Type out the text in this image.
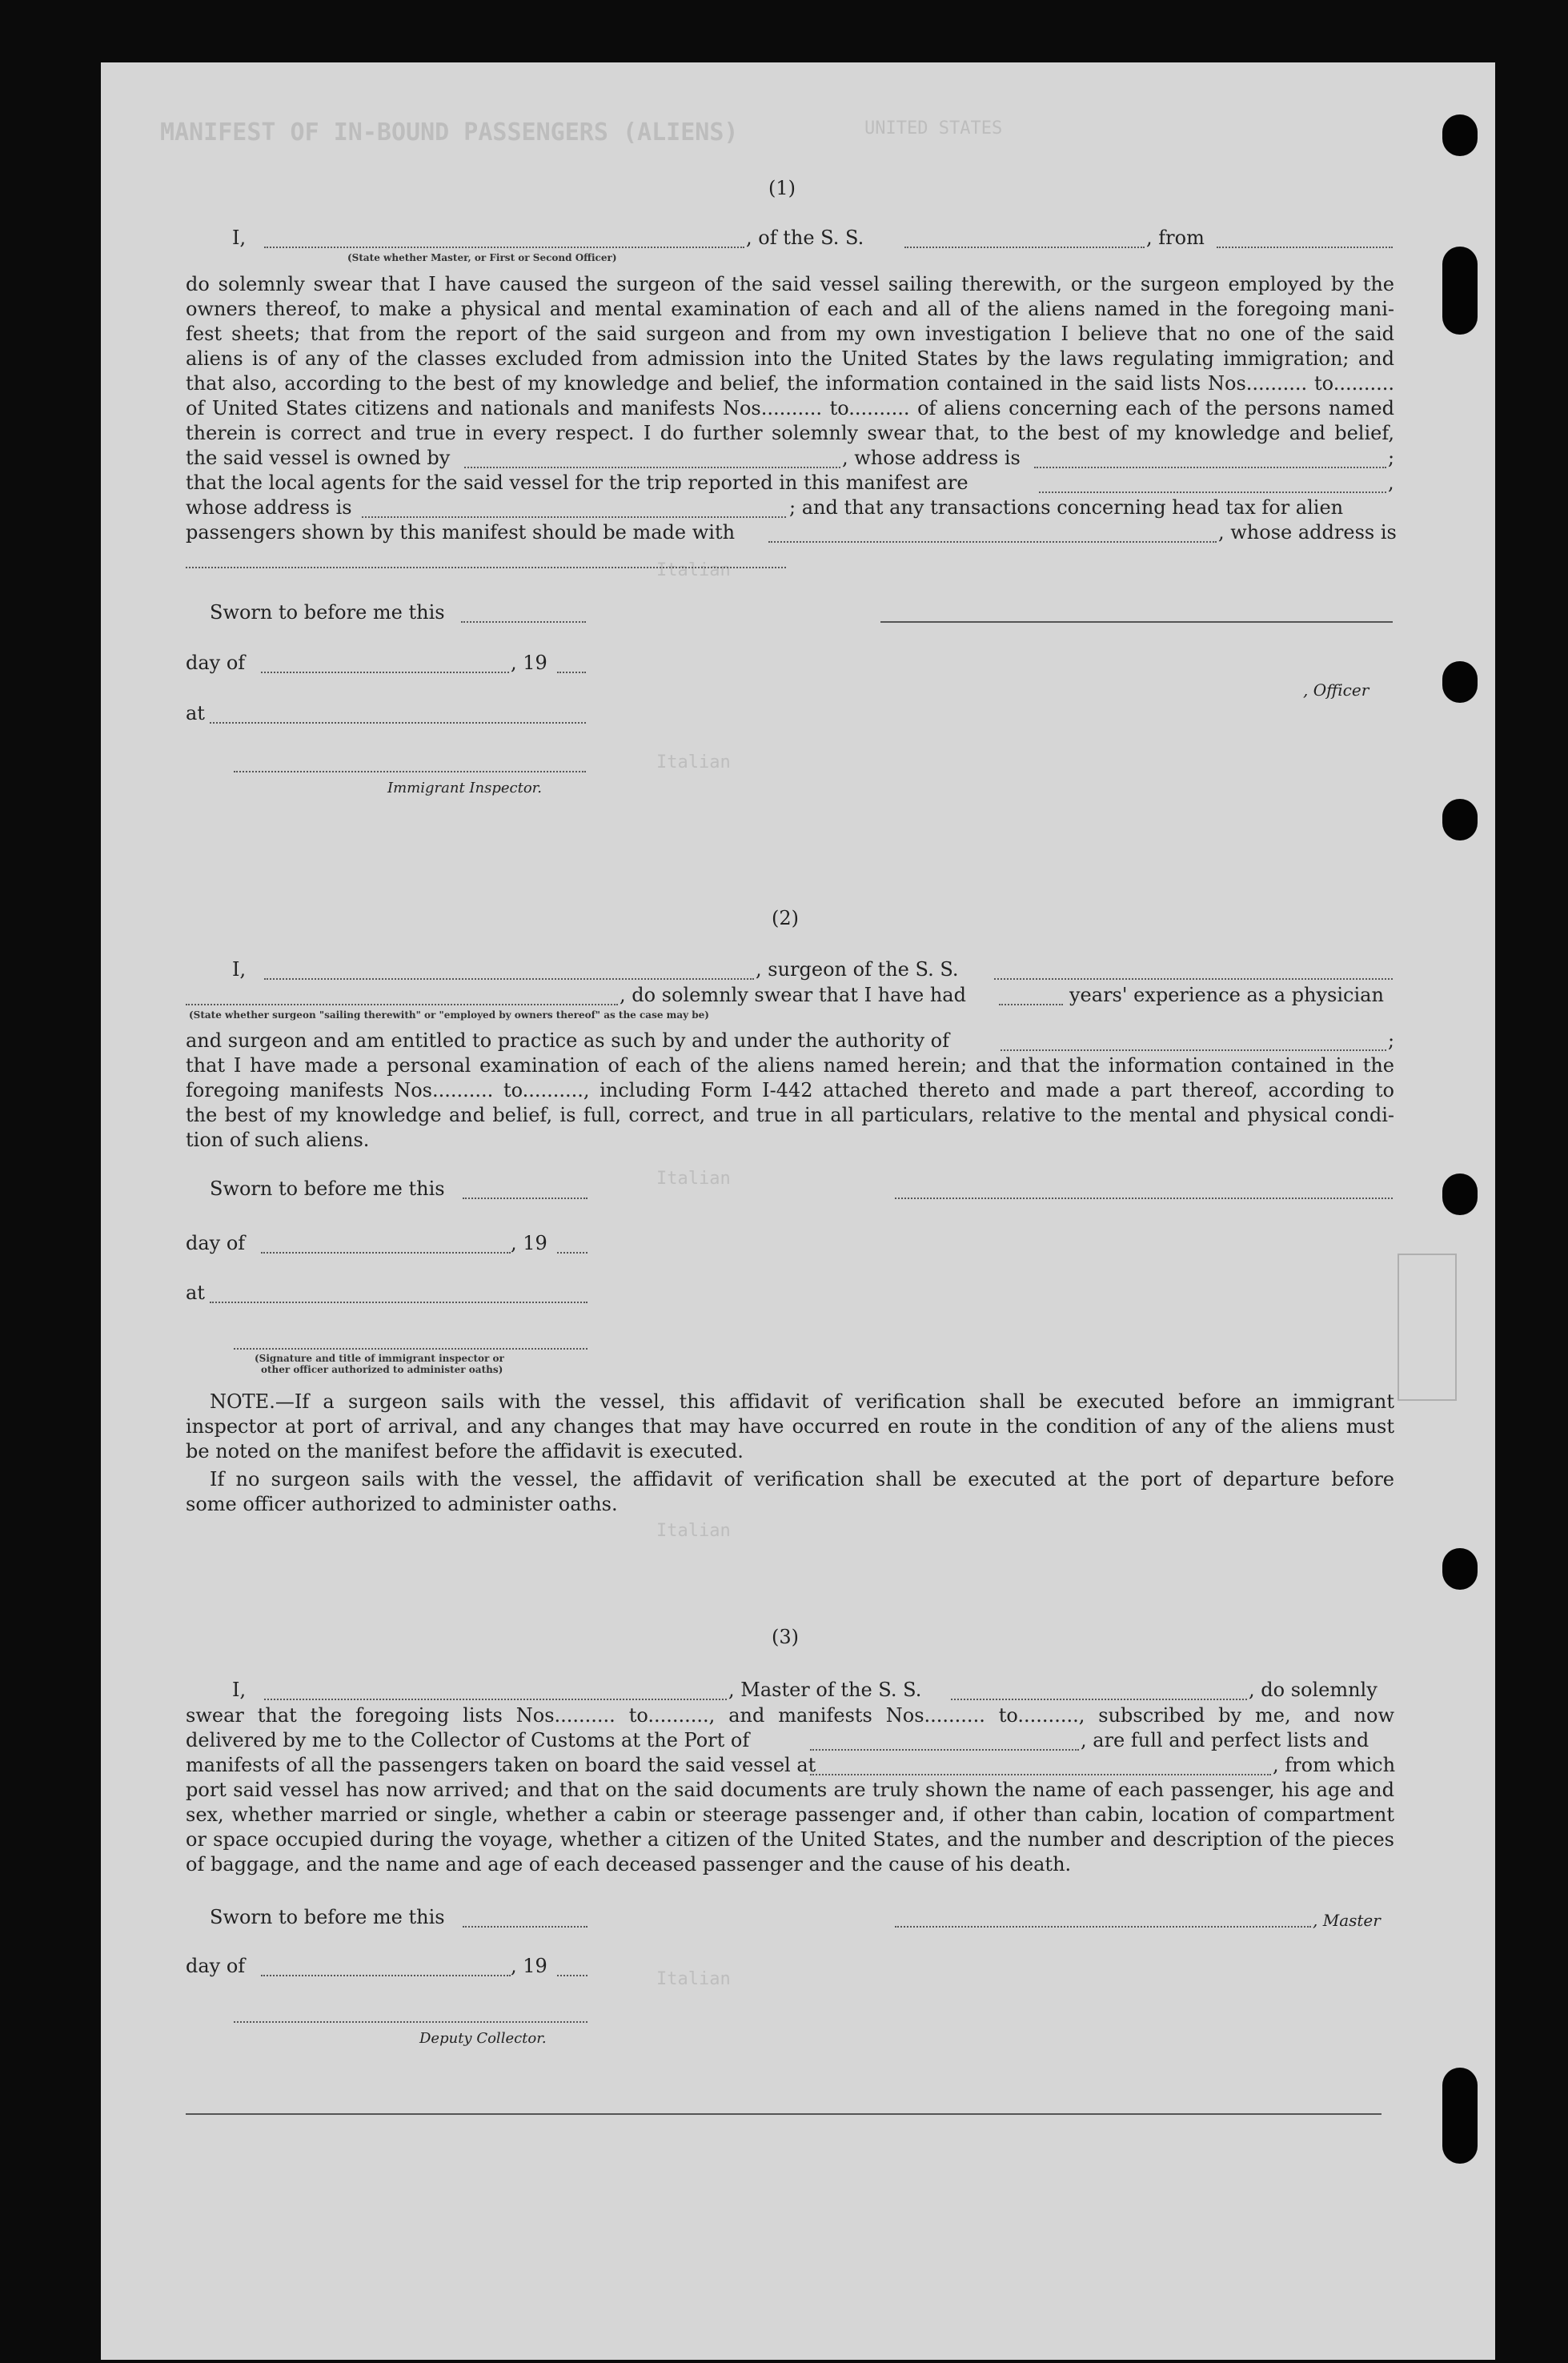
MANIFEST OF IN-BOUND PASSENGERS (ALIENS)	UNITED STATES
Italian
Italian
Italian
Italian
Italian
(1)
I,	, of the S. S.	, from
(State whether Master, or First or Second Officer)
do solemnly swear that I have caused the surgeon of the said vessel sailing therewith, or the surgeon employed by the
owners thereof, to make a physical and mental examination of each and all of the aliens named in the foregoing mani-
fest sheets; that from the report of the said surgeon and from my own investigation I believe that no one of the said
aliens is of any of the classes excluded from admission into the United States by the laws regulating immigration; and
that also, according to the best of my knowledge and belief, the information contained in the said lists Nos.......... to..........
of United States citizens and nationals and manifests Nos.......... to.......... of aliens concerning each of the persons named
therein is correct and true in every respect. I do further solemnly swear that, to the best of my knowledge and belief,
the said vessel is owned by	, whose address is	;
that the local agents for the said vessel for the trip reported in this manifest are	,
whose address is	; and that any transactions concerning head tax for alien
passengers shown by this manifest should be made with	, whose address is
Sworn to before me this
day of	, 19
, Officer
at
Immigrant Inspector.
(2)
I,	, surgeon of the S. S.
, do solemnly swear that I have had	years' experience as a physician
(State whether surgeon "sailing therewith" or "employed by owners thereof" as the case may be)
and surgeon and am entitled to practice as such by and under the authority of	;
that I have made a personal examination of each of the aliens named herein; and that the information contained in the
foregoing manifests Nos.......... to.........., including Form I-442 attached thereto and made a part thereof, according to
the best of my knowledge and belief, is full, correct, and true in all particulars, relative to the mental and physical condi-
tion of such aliens.
Sworn to before me this
day of	, 19
at
(Signature and title of immigrant inspector or
other officer authorized to administer oaths)
NOTE.—If a surgeon sails with the vessel, this affidavit of verification shall be executed before an immigrant
inspector at port of arrival, and any changes that may have occurred en route in the condition of any of the aliens must
be noted on the manifest before the affidavit is executed.
If no surgeon sails with the vessel, the affidavit of verification shall be executed at the port of departure before
some officer authorized to administer oaths.
(3)
I,	, Master of the S. S.	, do solemnly
swear that the foregoing lists Nos.......... to.........., and manifests Nos.......... to.........., subscribed by me, and now
delivered by me to the Collector of Customs at the Port of	, are full and perfect lists and
manifests of all the passengers taken on board the said vessel at	, from which
port said vessel has now arrived; and that on the said documents are truly shown the name of each passenger, his age and
sex, whether married or single, whether a cabin or steerage passenger and, if other than cabin, location of compartment
or space occupied during the voyage, whether a citizen of the United States, and the number and description of the pieces
of baggage, and the name and age of each deceased passenger and the cause of his death.
Sworn to before me this	, Master
day of	, 19
Deputy Collector.
